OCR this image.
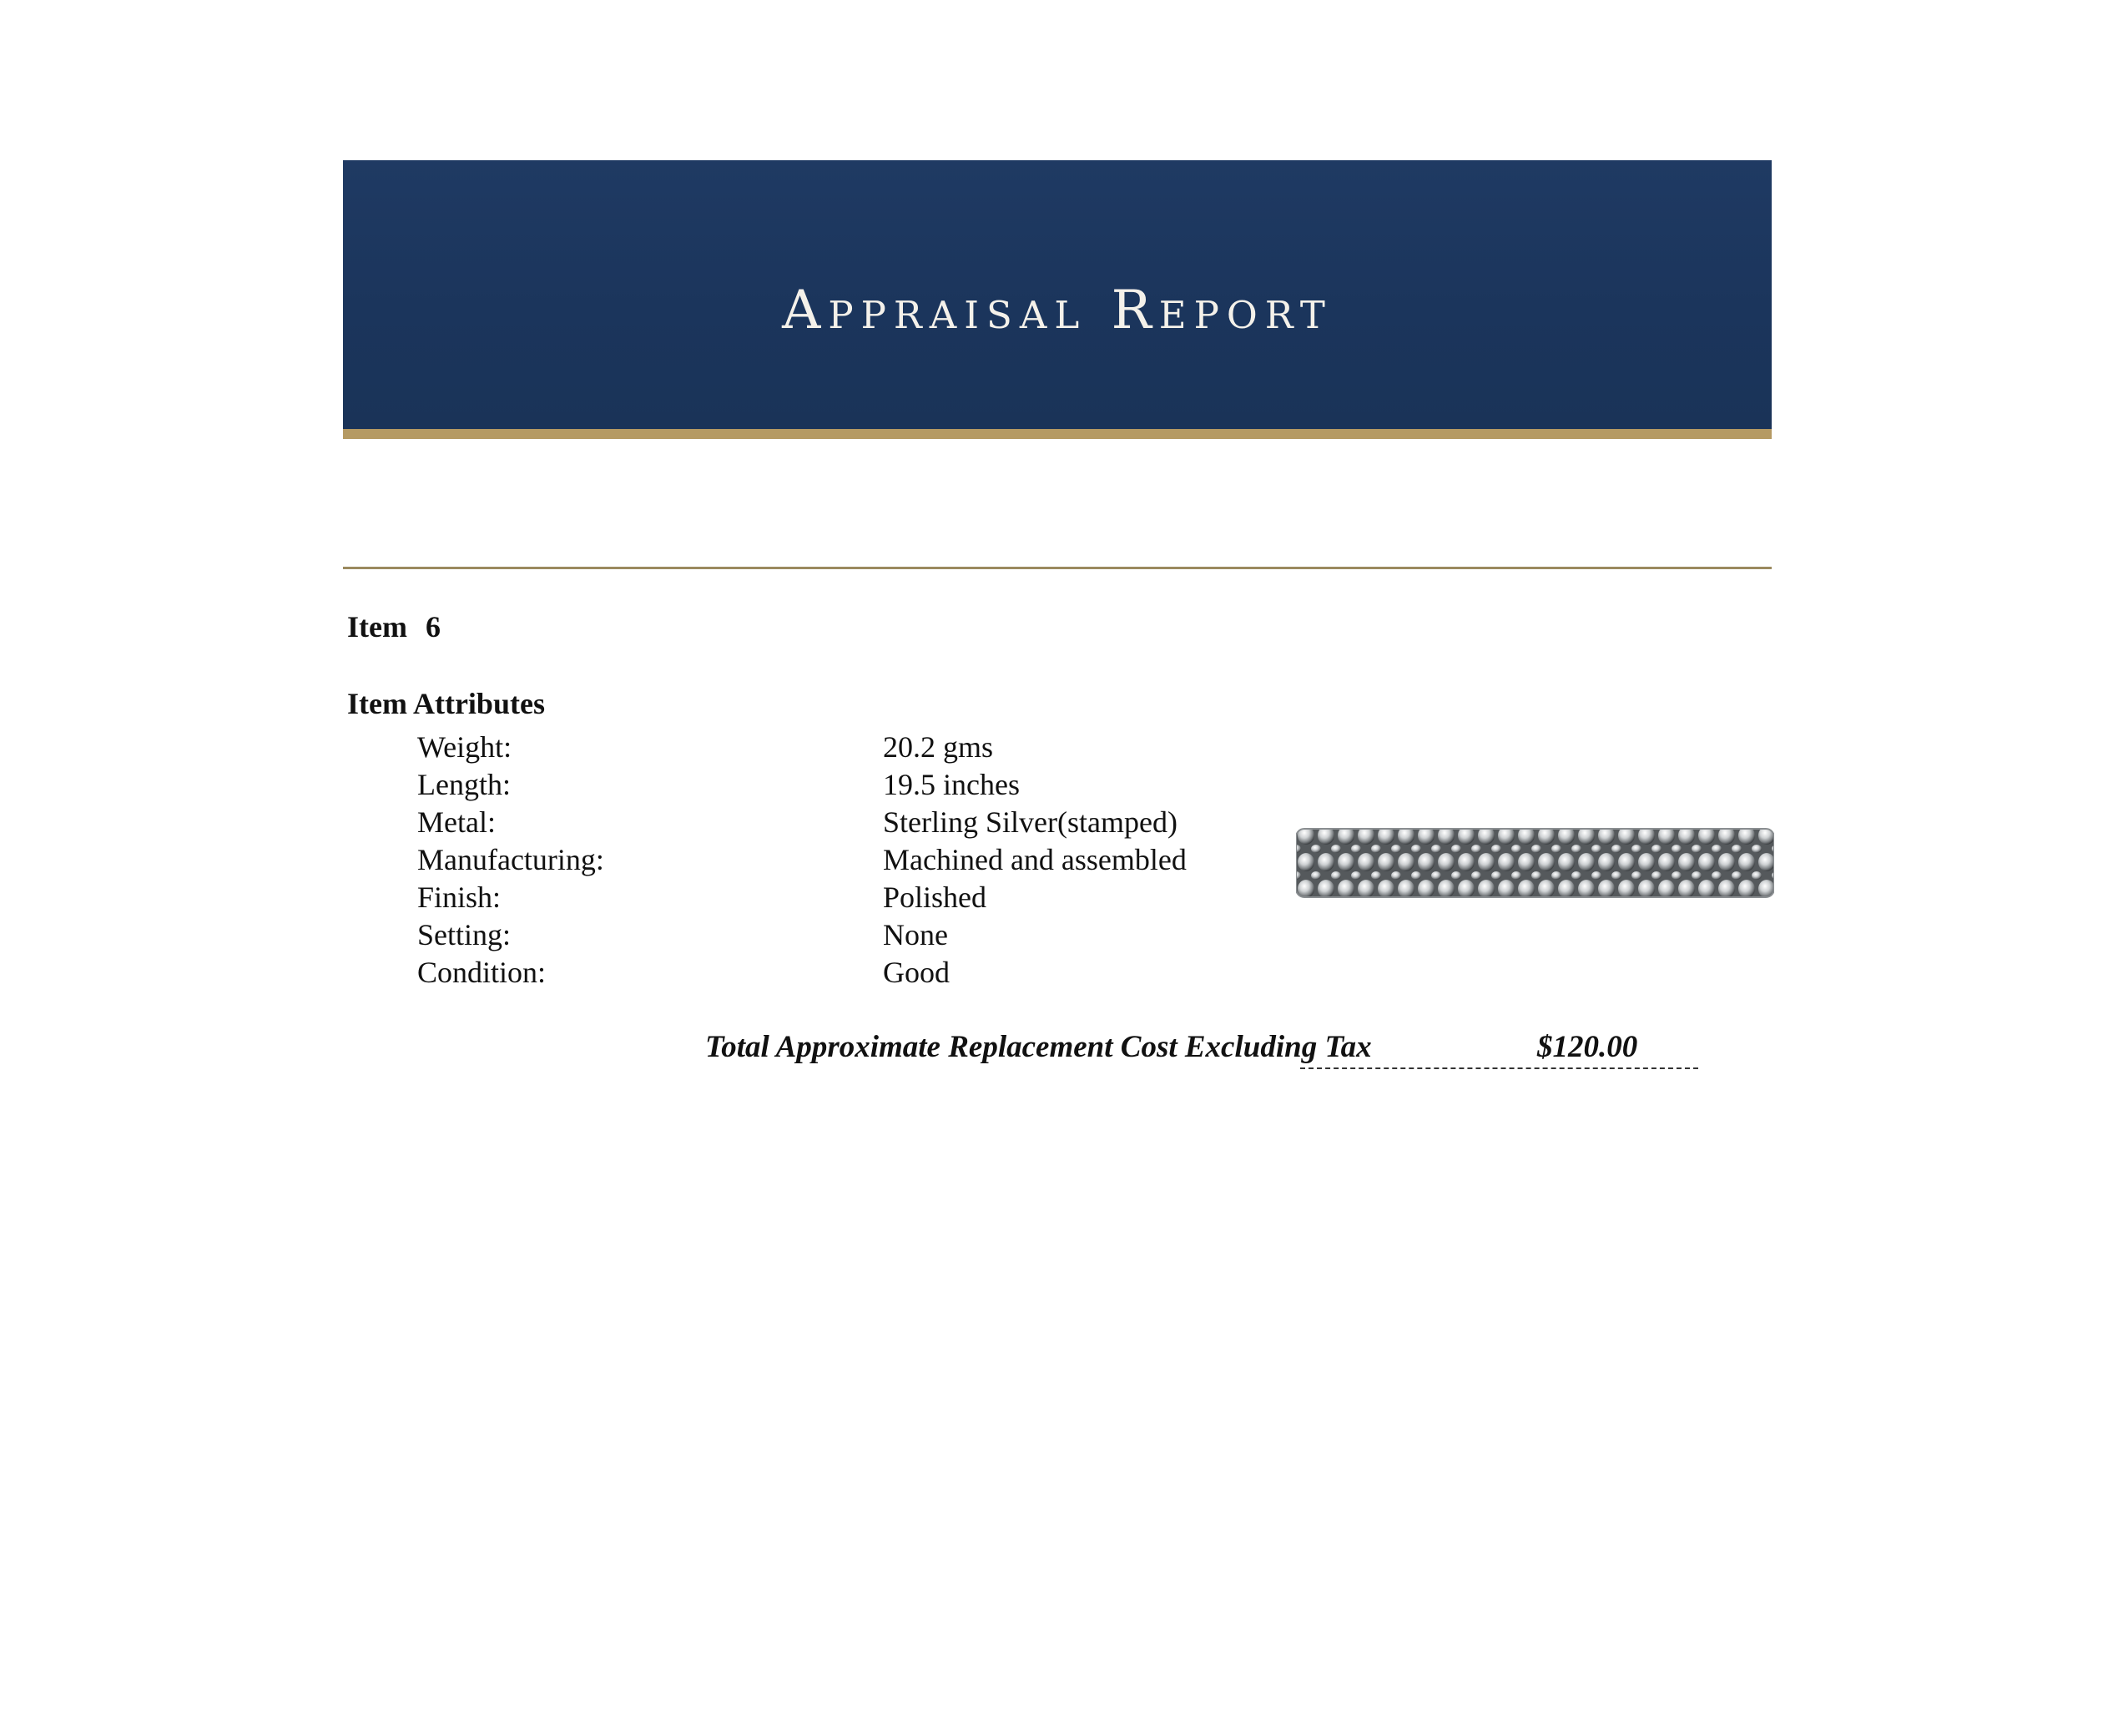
Appraisal Report
Item 6
Item Attributes
Weight:	20.2 gms
Length:	19.5 inches
Metal:	Sterling Silver(stamped)
Manufacturing:	Machined and assembled
Finish:	Polished
Setting:	None
Condition:	Good
Total Approximate Replacement Cost Excluding Tax	$120.00
